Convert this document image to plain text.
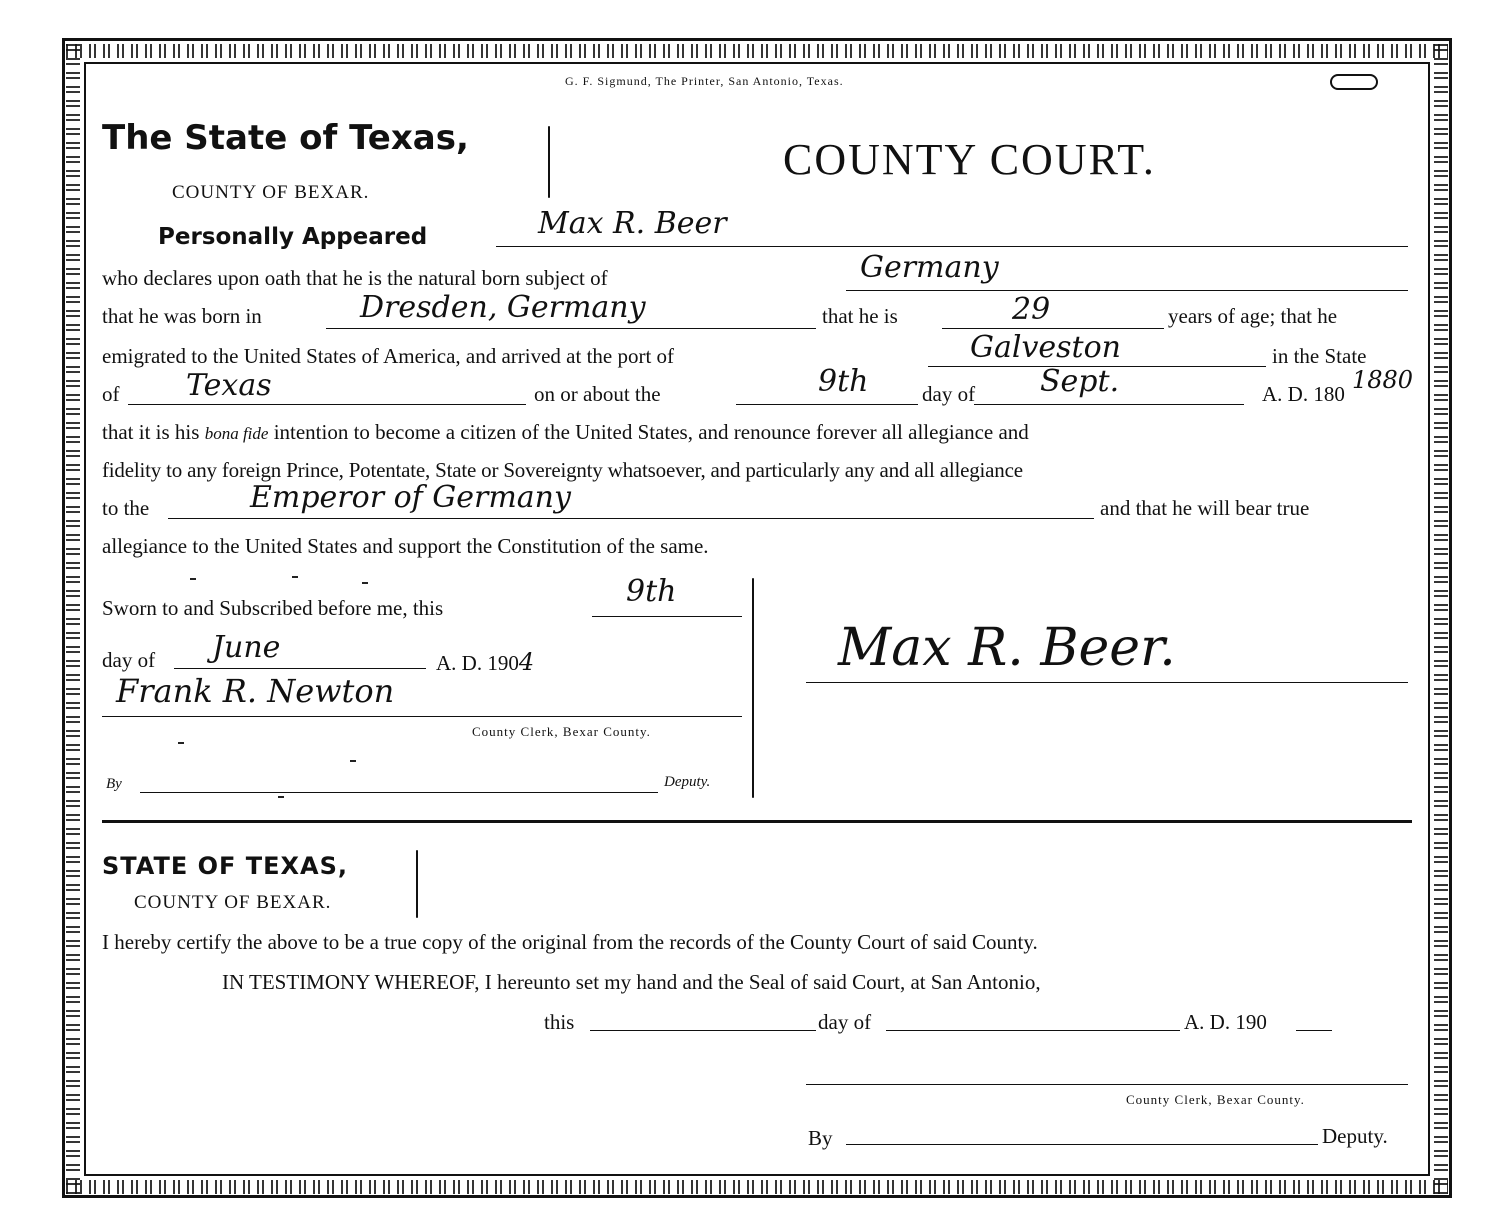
G. F. Sigmund, The Printer, San Antonio, Texas.
The State of Texas,
COUNTY OF BEXAR.
COUNTY COURT.
Personally Appeared	Max R. Beer
who declares upon oath that he is the natural born subject of	Germany
that he was born in	Dresden, Germany	that he is	29	years of age; that he
emigrated to the United States of America, and arrived at the port of	Galveston	in the State
of Texas	on or about the	9th	day of Sept.	A. D. 180 1880
that it is his bona fide intention to become a citizen of the United States, and renounce forever all allegiance and
fidelity to any foreign Prince, Potentate, State or Sovereignty whatsoever, and particularly any and all allegiance
to the	Emperor of Germany	and that he will bear true
allegiance to the United States and support the Constitution of the same.
Sworn to and Subscribed before me, this	9th
day of June	A. D. 1904
Frank R. Newton
County Clerk, Bexar County.
By	Deputy.
Max R. Beer.
STATE OF TEXAS,
COUNTY OF BEXAR.
I hereby certify the above to be a true copy of the original from the records of the County Court of said County.
IN TESTIMONY WHEREOF, I hereunto set my hand and the Seal of said Court, at San Antonio,
this	day of	A. D. 190
County Clerk, Bexar County.
By	Deputy.
